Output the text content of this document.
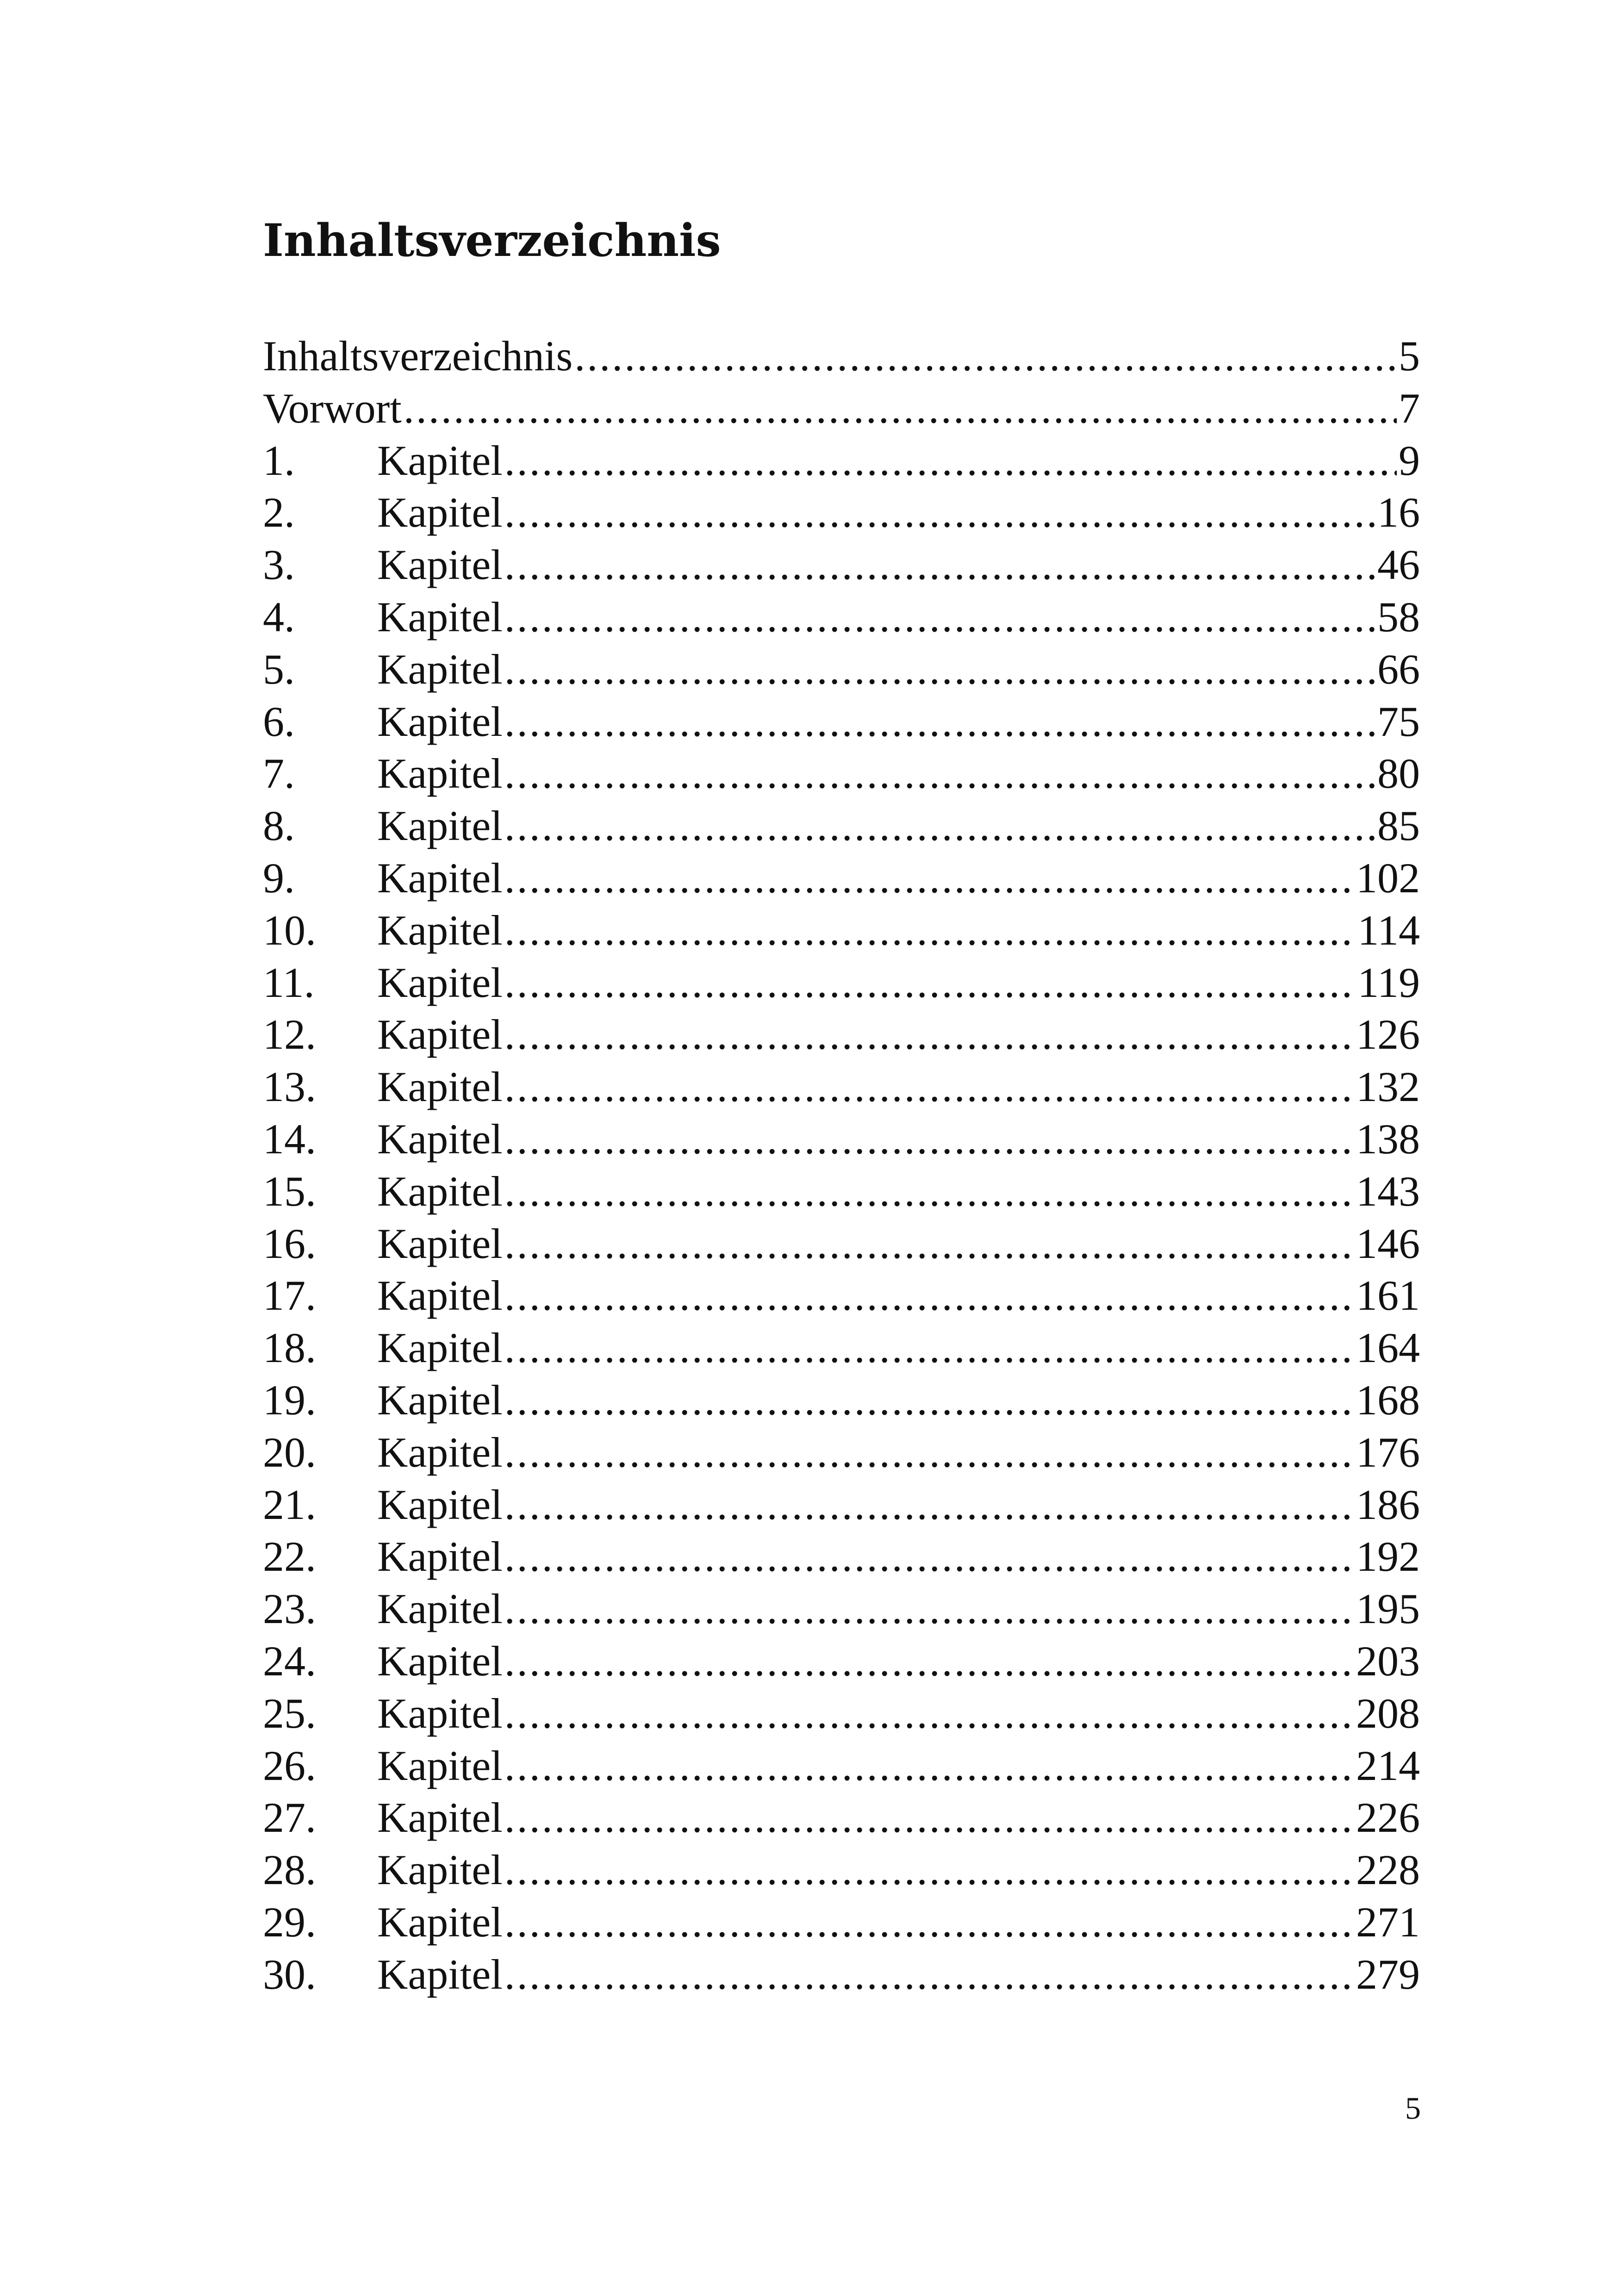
Inhaltsverzeichnis
Inhaltsverzeichnis .....	5
Vorwort .....	7
1.	Kapitel .....	9
2.	Kapitel .....	16
3.	Kapitel .....	46
4.	Kapitel .....	58
5.	Kapitel .....	66
6.	Kapitel .....	75
7.	Kapitel .....	80
8.	Kapitel .....	85
9.	Kapitel .....	102
10.	Kapitel .....	114
11.	Kapitel .....	119
12.	Kapitel .....	126
13.	Kapitel .....	132
14.	Kapitel .....	138
15.	Kapitel .....	143
16.	Kapitel .....	146
17.	Kapitel .....	161
18.	Kapitel .....	164
19.	Kapitel .....	168
20.	Kapitel .....	176
21.	Kapitel .....	186
22.	Kapitel .....	192
23.	Kapitel .....	195
24.	Kapitel .....	203
25.	Kapitel .....	208
26.	Kapitel .....	214
27.	Kapitel .....	226
28.	Kapitel .....	228
29.	Kapitel .....	271
30.	Kapitel .....	279
5
